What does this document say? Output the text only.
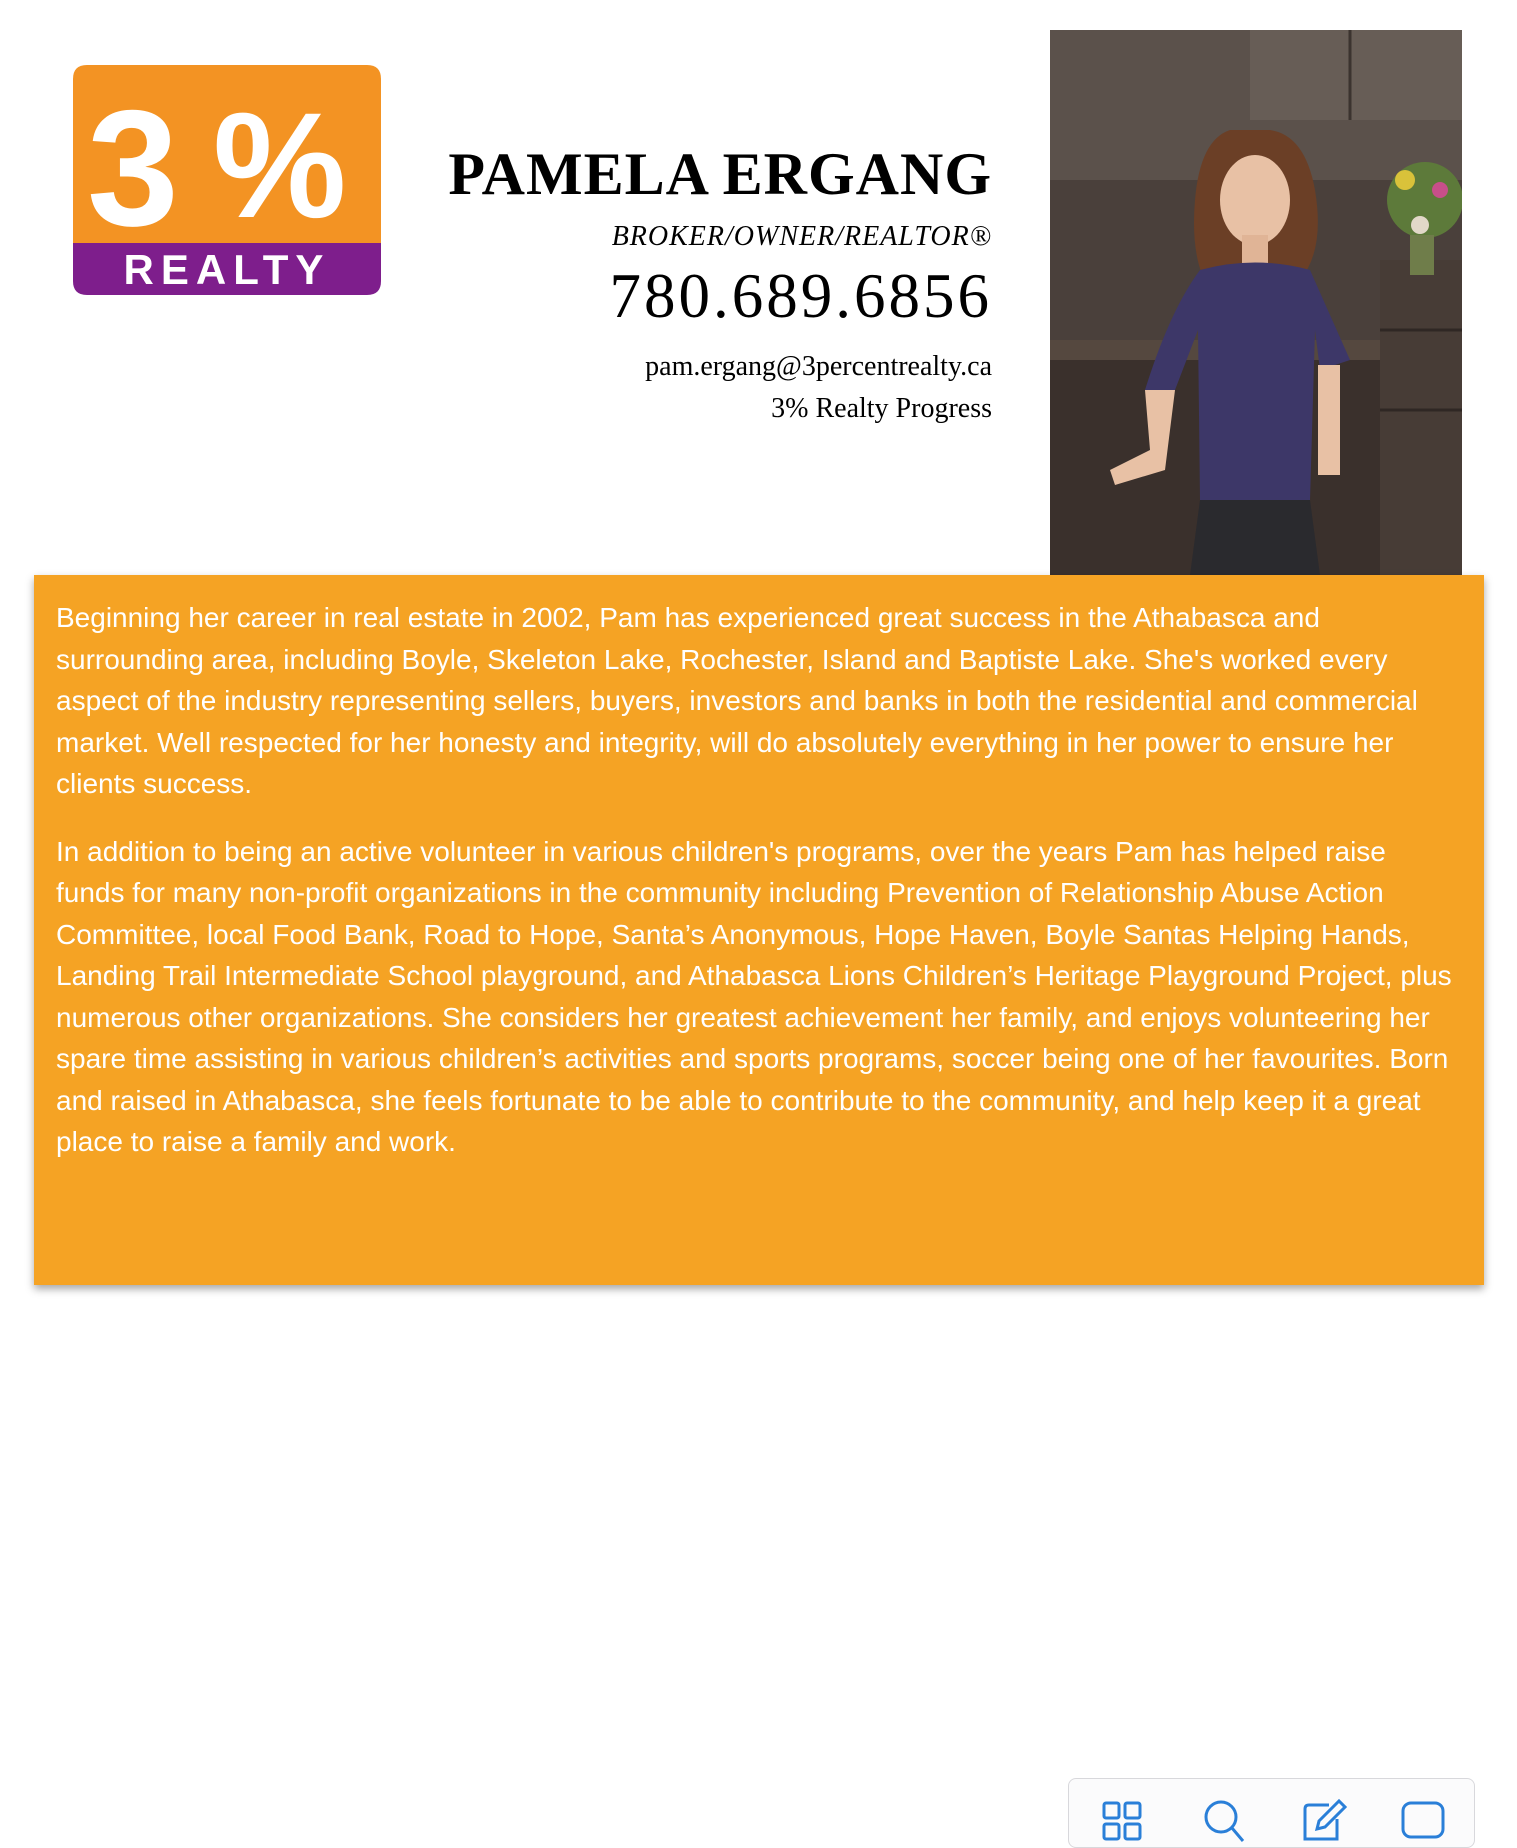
3 %
REALTY
PAMELA ERGANG
BROKER/OWNER/REALTOR®
780.689.6856
pam.ergang@3percentrealty.ca
3% Realty Progress

Beginning her career in real estate in 2002, Pam has experienced great success in the Athabasca and surrounding area, including Boyle, Skeleton Lake, Rochester, Island and Baptiste Lake. She's worked every aspect of the industry representing sellers, buyers, investors and banks in both the residential and commercial market. Well respected for her honesty and integrity, will do absolutely everything in her power to ensure her clients success.

In addition to being an active volunteer in various children's programs, over the years Pam has helped raise funds for many non-profit organizations in the community including Prevention of Relationship Abuse Action Committee, local Food Bank, Road to Hope, Santa’s Anonymous, Hope Haven, Boyle Santas Helping Hands, Landing Trail Intermediate School playground, and Athabasca Lions Children’s Heritage Playground Project, plus numerous other organizations. She considers her greatest achievement her family, and enjoys volunteering her spare time assisting in various children’s activities and sports programs, soccer being one of her favourites. Born and raised in Athabasca, she feels fortunate to be able to contribute to the community, and help keep it a great place to raise a family and work.
